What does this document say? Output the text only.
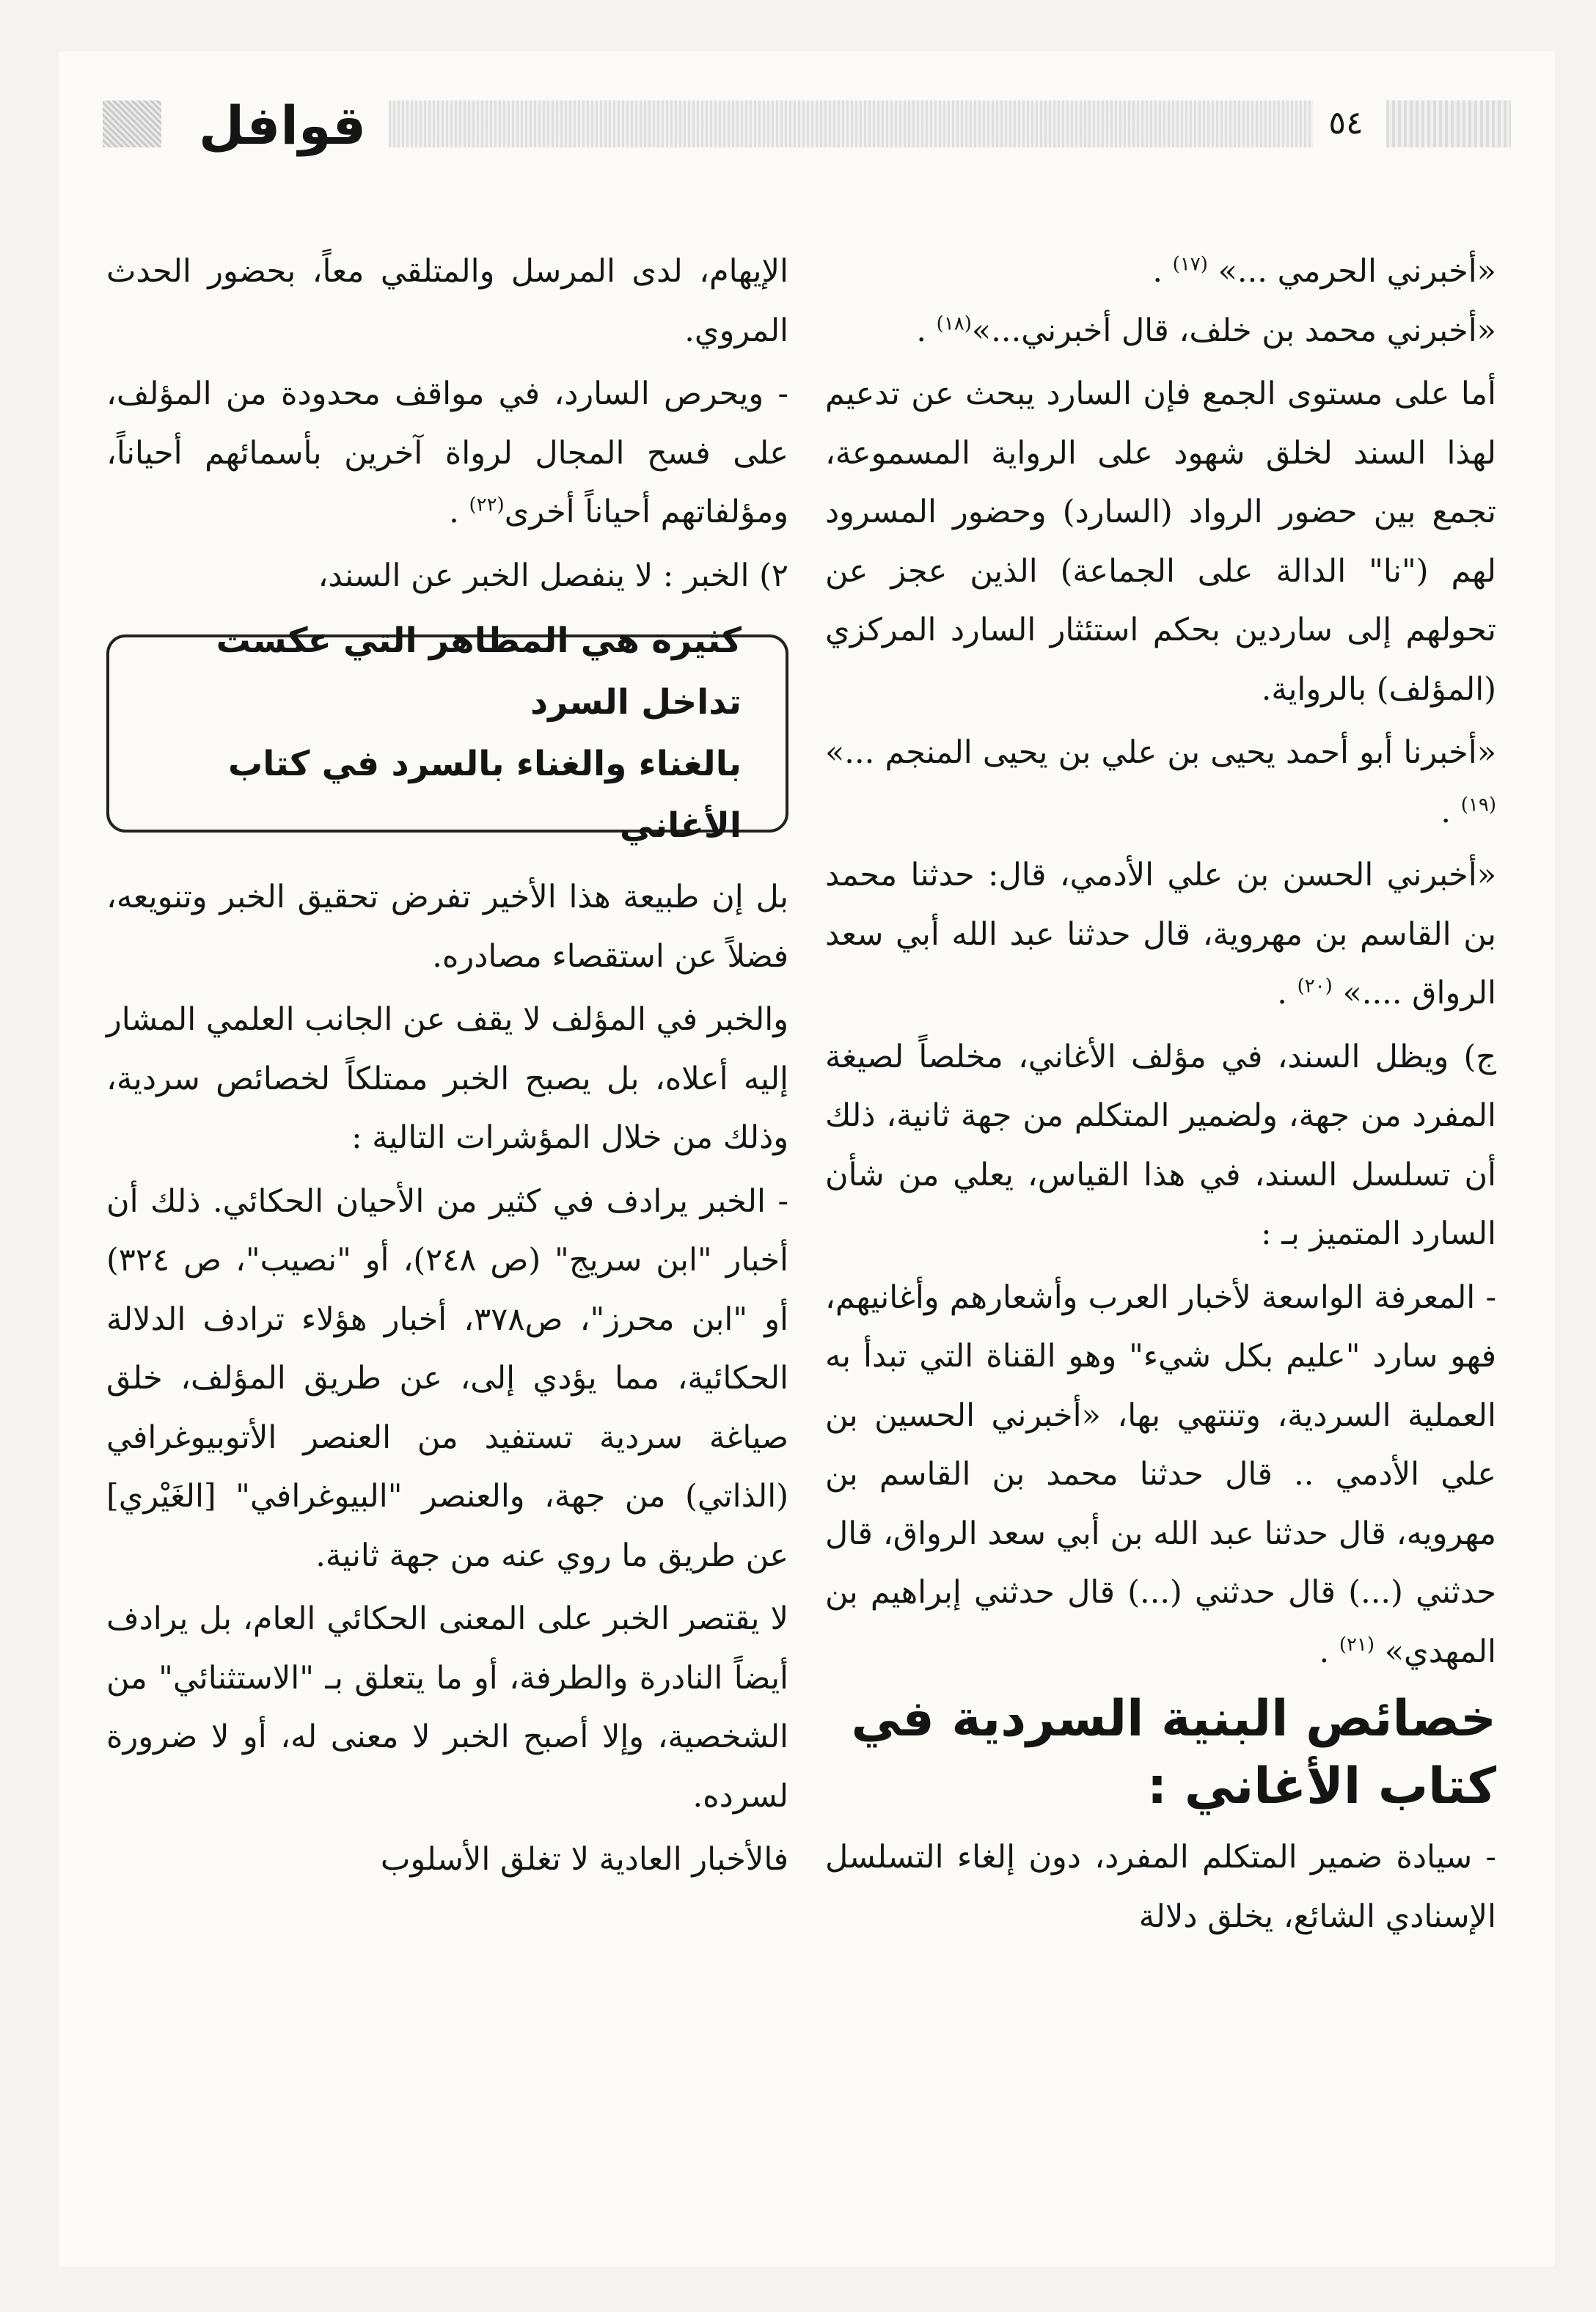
قوافل	٥٤

«أخبرني الحرمي ...» $^{(١٧)}$ .

«أخبرني محمد بن خلف، قال أخبرني...»$^{(١٨)}$ .

أما على مستوى الجمع فإن السارد يبحث عن تدعيم لهذا السند لخلق شهود على الرواية المسموعة، تجمع بين حضور الرواد (السارد) وحضور المسرود لهم ("نا" الدالة على الجماعة) الذين عجز عن تحولهم إلى ساردين بحكم استئثار السارد المركزي (المؤلف) بالرواية.

«أخبرنا أبو أحمد يحيى بن علي بن يحيى المنجم ...» $^{(١٩)}$ .

«أخبرني الحسن بن علي الأدمي، قال: حدثنا محمد بن القاسم بن مهروية، قال حدثنا عبد الله أبي سعد الرواق ....» $^{(٢٠)}$ .

ج) ويظل السند، في مؤلف الأغاني، مخلصاً لصيغة المفرد من جهة، ولضمير المتكلم من جهة ثانية، ذلك أن تسلسل السند، في هذا القياس، يعلي من شأن السارد المتميز بـ :

- المعرفة الواسعة لأخبار العرب وأشعارهم وأغانيهم، فهو سارد "عليم بكل شيء" وهو القناة التي تبدأ به العملية السردية، وتنتهي بها، «أخبرني الحسين بن علي الأدمي .. قال حدثنا محمد بن القاسم بن مهرويه، قال حدثنا عبد الله بن أبي سعد الرواق، قال حدثني (...) قال حدثني (...) قال حدثني إبراهيم بن المهدي» $^{(٢١)}$ .

خصائص البنية السردية في كتاب الأغاني :

- سيادة ضمير المتكلم المفرد، دون إلغاء التسلسل الإسنادي الشائع، يخلق دلالة

الإيهام، لدى المرسل والمتلقي معاً، بحضور الحدث المروي.

- ويحرص السارد، في مواقف محدودة من المؤلف، على فسح المجال لرواة آخرين بأسمائهم أحياناً، ومؤلفاتهم أحياناً أخرى$^{(٢٢)}$ .

٢) الخبر : لا ينفصل الخبر عن السند،

كثيرة هي المظاهر التي عكست تداخل السرد
بالغناء والغناء بالسرد في كتاب الأغاني

بل إن طبيعة هذا الأخير تفرض تحقيق الخبر وتنويعه، فضلاً عن استقصاء مصادره.

والخبر في المؤلف لا يقف عن الجانب العلمي المشار إليه أعلاه، بل يصبح الخبر ممتلكاً لخصائص سردية، وذلك من خلال المؤشرات التالية :

- الخبر يرادف في كثير من الأحيان الحكائي. ذلك أن أخبار "ابن سريج" (ص ٢٤٨)، أو "نصيب"، ص ٣٢٤) أو "ابن محرز"، ص٣٧٨، أخبار هؤلاء ترادف الدلالة الحكائية، مما يؤدي إلى، عن طريق المؤلف، خلق صياغة سردية تستفيد من العنصر الأتوبيوغرافي (الذاتي) من جهة، والعنصر "البيوغرافي" [الغَيْري] عن طريق ما روي عنه من جهة ثانية.

لا يقتصر الخبر على المعنى الحكائي العام، بل يرادف أيضاً النادرة والطرفة، أو ما يتعلق بـ "الاستثنائي" من الشخصية، وإلا أصبح الخبر لا معنى له، أو لا ضرورة لسرده.

فالأخبار العادية لا تغلق الأسلوب
